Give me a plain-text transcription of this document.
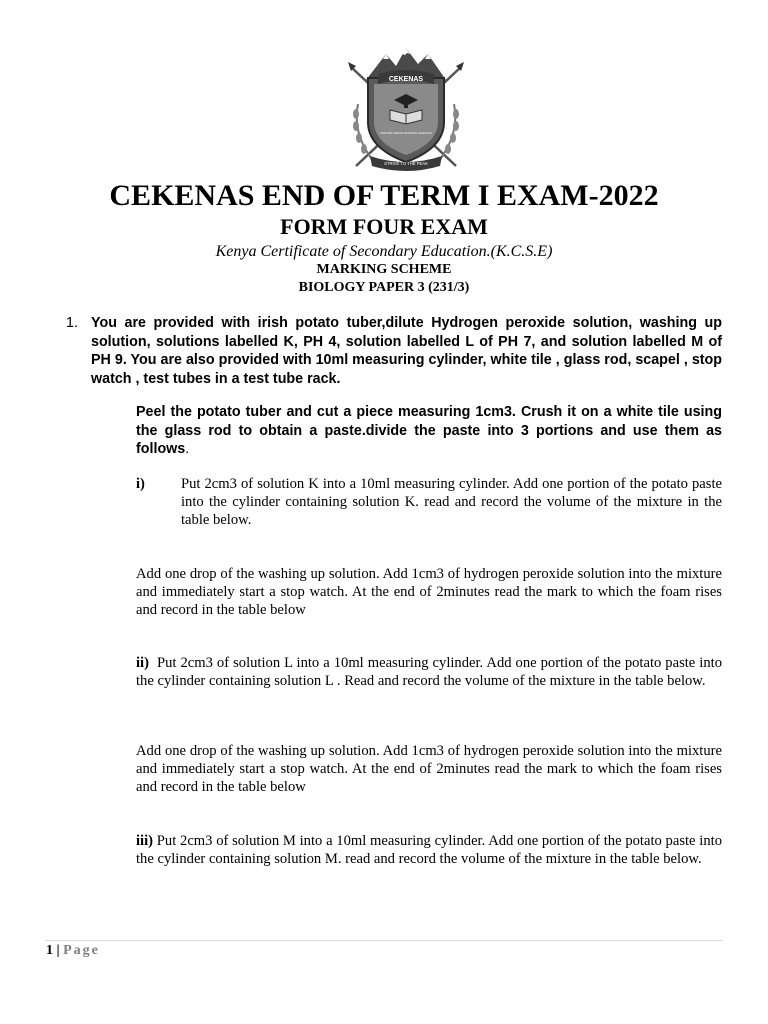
CEKENAS
CENTRAL KENYA NATIONAL SCHOOLS
STRIVE TO THE PEAK
CEKENAS END OF TERM I EXAM-2022
FORM FOUR EXAM
Kenya Certificate of Secondary Education.(K.C.S.E)
MARKING SCHEME
BIOLOGY PAPER 3 (231/3)
1. You are provided with irish potato tuber,dilute Hydrogen peroxide solution, washing up solution, solutions labelled K, PH 4, solution labelled L of PH 7, and solution labelled M of PH 9. You are also provided with 10ml measuring cylinder, white tile , glass rod, scapel , stop watch , test tubes in a test tube rack.
Peel the potato tuber and cut a piece measuring 1cm3. Crush it on a white tile using the glass rod to obtain a paste.divide the paste into 3 portions and use them as follows.
i) Put 2cm3 of solution K into a 10ml measuring cylinder. Add one portion of the potato paste into the cylinder containing solution K. read and record the volume of the mixture in the table below.
Add one drop of the washing up solution. Add 1cm3 of hydrogen peroxide solution into the mixture and immediately start a stop watch. At the end of 2minutes read the mark to which the foam rises and record in the table below
ii) Put 2cm3 of solution L into a 10ml measuring cylinder. Add one portion of the potato paste into the cylinder containing solution L . Read and record the volume of the mixture in the table below.
Add one drop of the washing up solution. Add 1cm3 of hydrogen peroxide solution into the mixture and immediately start a stop watch. At the end of 2minutes read the mark to which the foam rises and record in the table below
iii) Put 2cm3 of solution M into a 10ml measuring cylinder. Add one portion of the potato paste into the cylinder containing solution M. read and record the volume of the mixture in the table below.
1 | Page
